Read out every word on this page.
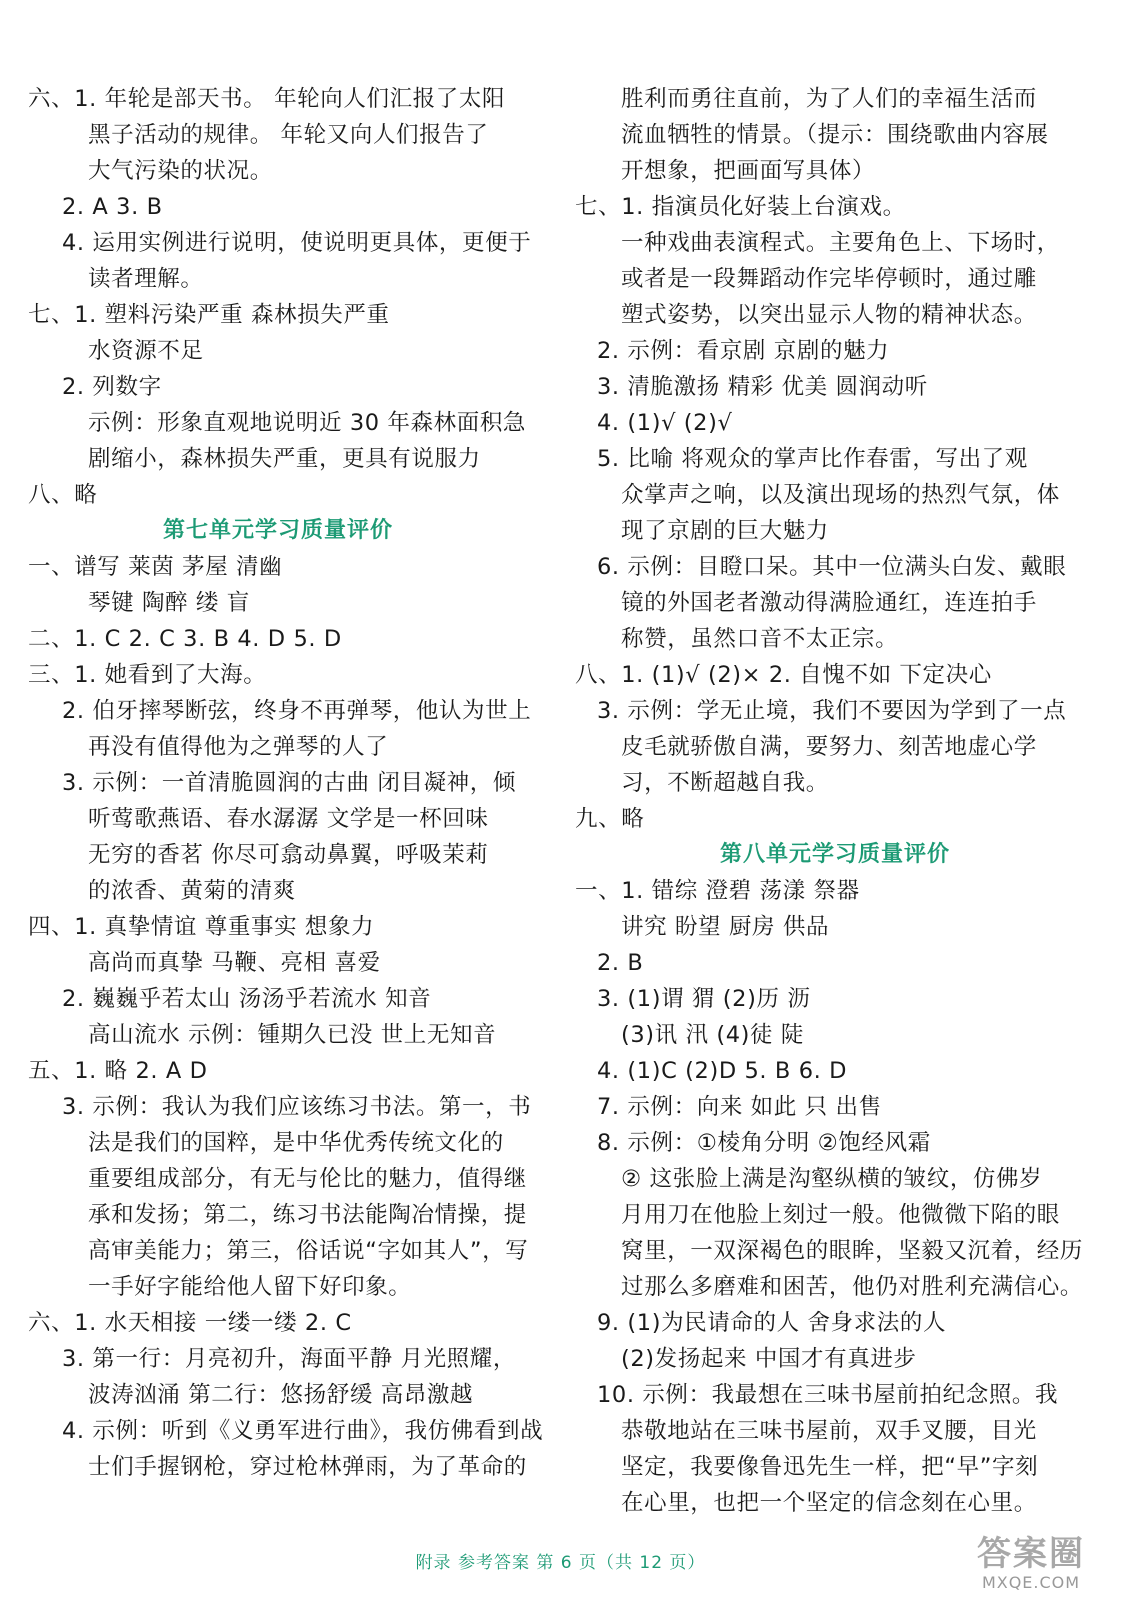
六、1. 年轮是部天书。 年轮向人们汇报了太阳
黑子活动的规律。 年轮又向人们报告了
大气污染的状况。
2. A 3. B
4. 运用实例进行说明，使说明更具体，更便于
读者理解。
七、1. 塑料污染严重 森林损失严重
水资源不足
2. 列数字
示例：形象直观地说明近 30 年森林面积急
剧缩小，森林损失严重，更具有说服力
八、略
第七单元学习质量评价
一、谱写 莱茵 茅屋 清幽
琴键 陶醉 缕 盲
二、1. C 2. C 3. B 4. D 5. D
三、1. 她看到了大海。
2. 伯牙摔琴断弦，终身不再弹琴，他认为世上
再没有值得他为之弹琴的人了
3. 示例：一首清脆圆润的古曲 闭目凝神，倾
听莺歌燕语、春水潺潺 文学是一杯回味
无穷的香茗 你尽可翕动鼻翼，呼吸茉莉
的浓香、黄菊的清爽
四、1. 真挚情谊 尊重事实 想象力
高尚而真挚 马鞭、亮相 喜爱
2. 巍巍乎若太山 汤汤乎若流水 知音
高山流水 示例：锺期久已没 世上无知音
五、1. 略 2. A D
3. 示例：我认为我们应该练习书法。第一，书
法是我们的国粹，是中华优秀传统文化的
重要组成部分，有无与伦比的魅力，值得继
承和发扬；第二，练习书法能陶冶情操，提
高审美能力；第三，俗话说“字如其人”，写
一手好字能给他人留下好印象。
六、1. 水天相接 一缕一缕 2. C
3. 第一行：月亮初升，海面平静 月光照耀，
波涛汹涌 第二行：悠扬舒缓 高昂激越
4. 示例：听到《义勇军进行曲》，我仿佛看到战
士们手握钢枪，穿过枪林弹雨，为了革命的
胜利而勇往直前，为了人们的幸福生活而
流血牺牲的情景。（提示：围绕歌曲内容展
开想象，把画面写具体）
七、1. 指演员化好装上台演戏。
一种戏曲表演程式。主要角色上、下场时，
或者是一段舞蹈动作完毕停顿时，通过雕
塑式姿势，以突出显示人物的精神状态。
2. 示例：看京剧 京剧的魅力
3. 清脆激扬 精彩 优美 圆润动听
4. (1)√ (2)√
5. 比喻 将观众的掌声比作春雷，写出了观
众掌声之响，以及演出现场的热烈气氛，体
现了京剧的巨大魅力
6. 示例：目瞪口呆。其中一位满头白发、戴眼
镜的外国老者激动得满脸通红，连连拍手
称赞，虽然口音不太正宗。
八、1. (1)√ (2)× 2. 自愧不如 下定决心
3. 示例：学无止境，我们不要因为学到了一点
皮毛就骄傲自满，要努力、刻苦地虚心学
习，不断超越自我。
九、略
第八单元学习质量评价
一、1. 错综 澄碧 荡漾 祭器
讲究 盼望 厨房 供品
2. B
3. (1)谓 猬 (2)历 沥
(3)讯 汛 (4)徒 陡
4. (1)C (2)D 5. B 6. D
7. 示例：向来 如此 只 出售
8. 示例：①棱角分明 ②饱经风霜
② 这张脸上满是沟壑纵横的皱纹，仿佛岁
月用刀在他脸上刻过一般。他微微下陷的眼
窝里，一双深褐色的眼眸，坚毅又沉着，经历
过那么多磨难和困苦，他仍对胜利充满信心。
9. (1)为民请命的人 舍身求法的人
(2)发扬起来 中国才有真进步
10. 示例：我最想在三味书屋前拍纪念照。我
恭敬地站在三味书屋前，双手叉腰，目光
坚定，我要像鲁迅先生一样，把“早”字刻
在心里，也把一个坚定的信念刻在心里。
附录 参考答案 第 6 页（共 12 页）	答案圈
MXQE.COM
